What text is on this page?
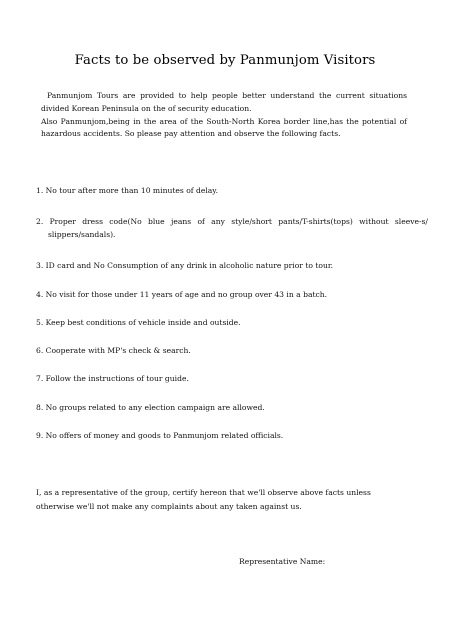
Facts to be observed by Panmunjom Visitors

Panmunjom Tours are provided to help people better understand the current situations divided Korean Peninsula on the of security education.

Also Panmunjom,being in the area of the South-North Korea border line,has the potential of hazardous accidents. So please pay attention and observe the following facts.

1. No tour after more than 10 minutes of delay.
2. Proper dress code(No blue jeans of any style/short pants/T-shirts(tops) without sleeve-s/ slippers/sandals).
3. ID card and No Consumption of any drink in alcoholic nature prior to tour.
4. No visit for those under 11 years of age and no group over 43 in a batch.
5. Keep best conditions of vehicle inside and outside.
6. Cooperate with MP's check & search.
7. Follow the instructions of tour guide.
8. No groups related to any election campaign are allowed.
9. No offers of money and goods to Panmunjom related officials.

I, as a representative of the group, certify hereon that we'll observe above facts unless otherwise we'll not make any complaints about any taken against us.

Representative Name:
